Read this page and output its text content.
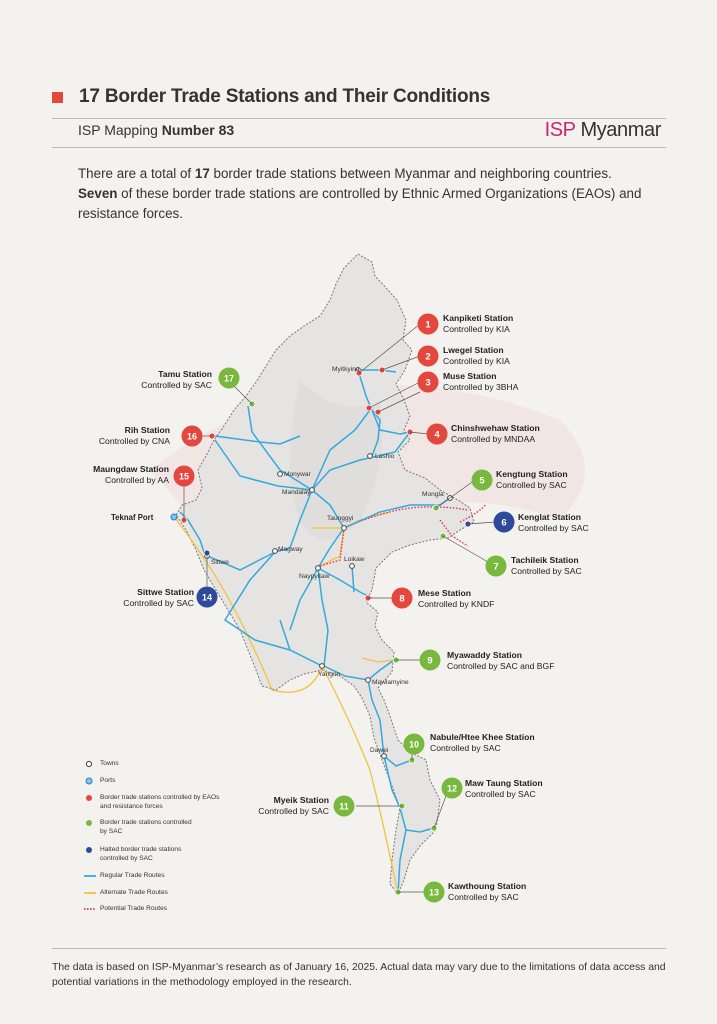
17 Border Trade Stations and Their Conditions
ISP Mapping Number 83	ISP Myanmar
There are a total of 17 border trade stations between Myanmar and neighboring countries.
Seven of these border trade stations are controlled by Ethnic Armed Organizations (EAOs) and resistance forces.
1
2
3
4
5
6
7
8
9
10
11
12
13
14
15
16
17
Myitkyina
Lashio
Monywar
Mandalay	Mongla
Taunggyi
Magway
Naypyitaw
Loikaw
Sittwe
Yangon
Mawlamyine
Dawei
Teknaf Port
Kanpiketi Station
Controlled by KIA
Lwegel Station
Controlled by KIA
Muse Station
Controlled by 3BHA
Chinshwehaw Station
Controlled by MNDAA
Kengtung Station
Controlled by SAC
Kenglat Station
Controlled by SAC
Tachileik Station
Controlled by SAC
Mese Station
Controlled by KNDF
Myawaddy Station
Controlled by SAC and BGF
Nabule/Htee Khee Station
Controlled by SAC
Myeik Station
Controlled by SAC
Maw Taung Station
Controlled by SAC
Kawthoung Station
Controlled by SAC
Sittwe Station
Controlled by SAC
Maungdaw Station
Controlled by AA
Rih Station
Controlled by CNA
Tamu Station
Controlled by SAC
Towns
Ports
Border trade stations controlled by EAOs and resistance forces
Border trade stations controlled by SAC
Halted border trade stations controlled by SAC
Regular Trade Routes
Alternate Trade Routes
Potential Trade Routes
The data is based on ISP-Myanmar’s research as of January 16, 2025. Actual data may vary due to the limitations of data access and potential variations in the methodology employed in the research.
